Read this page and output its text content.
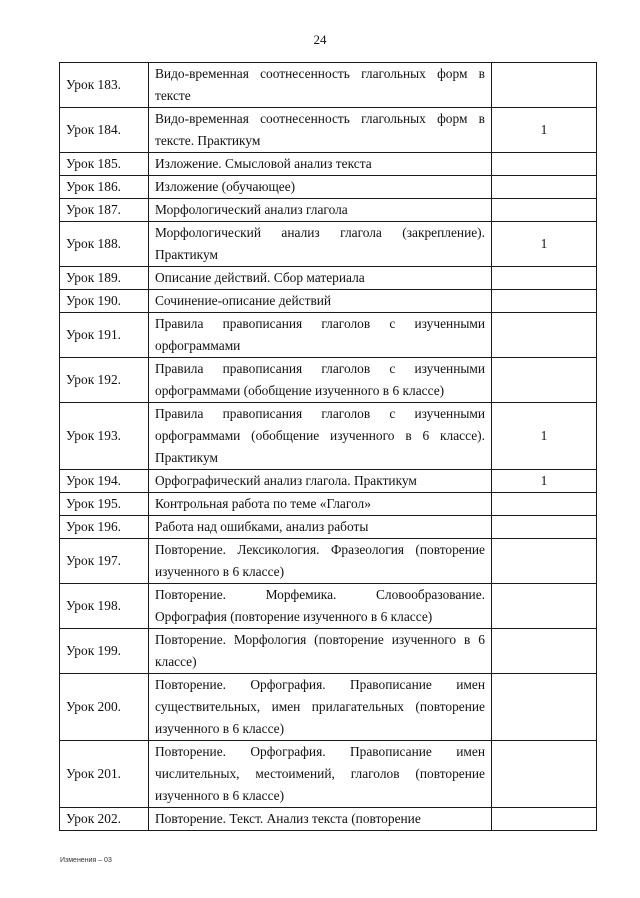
24
Урок 183.	Видо-временная соотнесенность глагольных форм в тексте	
Урок 184.	Видо-временная соотнесенность глагольных форм в тексте. Практикум	1
Урок 185.	Изложение. Смысловой анализ текста	
Урок 186.	Изложение (обучающее)	
Урок 187.	Морфологический анализ глагола	
Урок 188.	Морфологический анализ глагола (закрепление). Практикум	1
Урок 189.	Описание действий. Сбор материала	
Урок 190.	Сочинение-описание действий	
Урок 191.	Правила правописания глаголов с изученными орфограммами	
Урок 192.	Правила правописания глаголов с изученными орфограммами (обобщение изученного в 6 классе)	
Урок 193.	Правила правописания глаголов с изученными орфограммами (обобщение изученного в 6 классе). Практикум	1
Урок 194.	Орфографический анализ глагола. Практикум	1
Урок 195.	Контрольная работа по теме «Глагол»	
Урок 196.	Работа над ошибками, анализ работы	
Урок 197.	Повторение. Лексикология. Фразеология (повторение изученного в 6 классе)	
Урок 198.	Повторение. Морфемика. Словообразование. Орфография (повторение изученного в 6 классе)	
Урок 199.	Повторение. Морфология (повторение изученного в 6 классе)	
Урок 200.	Повторение. Орфография. Правописание имен существительных, имен прилагательных (повторение изученного в 6 классе)	
Урок 201.	Повторение. Орфография. Правописание имен числительных, местоимений, глаголов (повторение изученного в 6 классе)	
Урок 202.	Повторение. Текст. Анализ текста (повторение	
Изменения – 03
